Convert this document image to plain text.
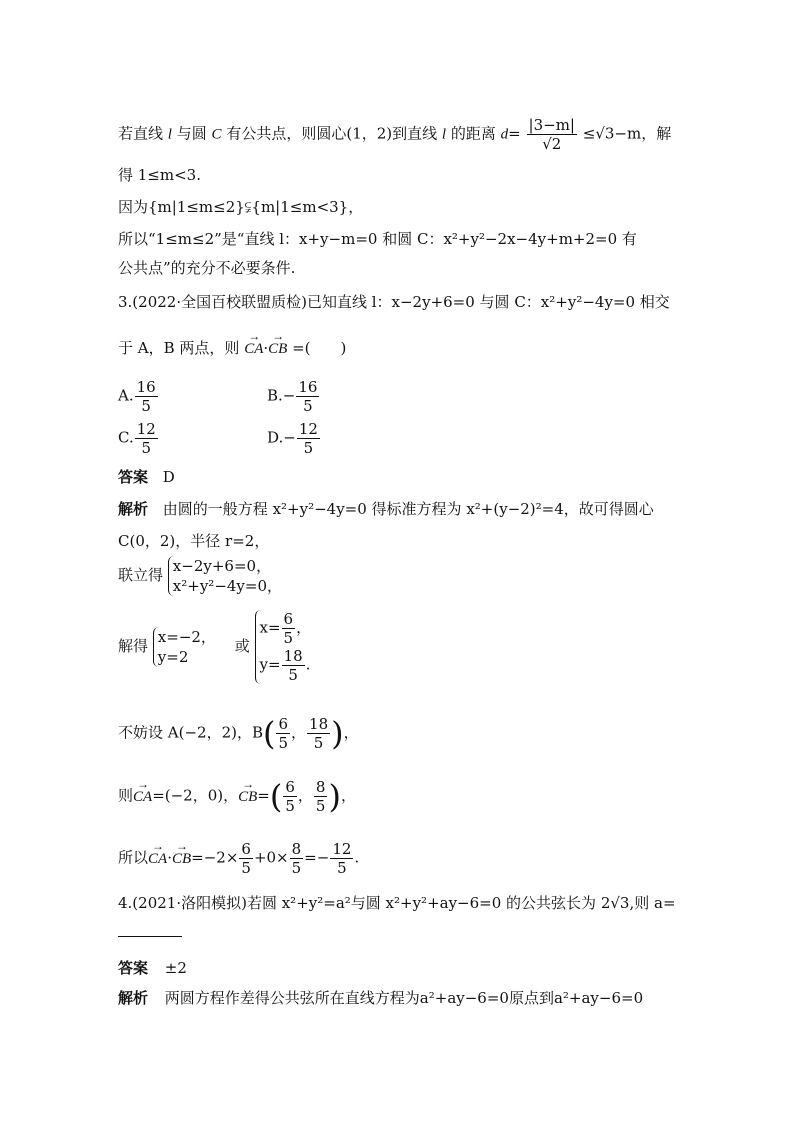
若直线 l 与圆 C 有公共点，则圆心(1，2)到直线 l 的距离 $d= \frac{|3-m|}{√2} \le√3-m$，解
得 1≤m<3.
因为{m|1≤m≤2}⫋{m|1≤m<3}，
所以“1≤m≤2”是“直线 l：x+y−m=0 和圆 C：x²+y²−2x−4y+m+2=0 有
公共点”的充分不必要条件.
3.(2022·全国百校联盟质检)已知直线 l：x−2y+6=0 与圆 C：x²+y²−4y=0 相交
于 A，B 两点，则 → CA·→ CB =(　　)
A. $\frac{16}{5}$	$B.- \frac{16}{5}$
C. $\frac{12}{5}$	$D.- \frac{12}{5}$
答案 D
解析 由圆的一般方程 x²+y²−4y=0 得标准方程为 x²+(y−2)²=4，故可得圆心
C(0，2)，半径 r=2，
联立得 x−2y+6=0，
x²+y²−4y=0，
解得 x=−2，
y=2
或
$x= \frac{6}{5}$ ，
$y= \frac{18}{5}$ .
不妨设 A(−2，2)，$B( \frac{6}{5}$ ， $\frac{18}{5}$ )，
则→ CA=(−2，0)，→ $CB=( \frac{6}{5}$ ， $\frac{8}{5}$ )，
所以→ $CA\cdot\to CB=-2\times \frac{6}{5} +0\times \frac{8}{5} =- \frac{12}{5}$ .
4.(2021·洛阳模拟)若圆 x²+y²=a²与圆 x²+y²+ay−6=0 的公共弦长为 2√3,则 a=
答案 ±2
解析 两圆方程作差得公共弦所在直线方程为a²+ay−6=0原点到a²+ay−6=0
